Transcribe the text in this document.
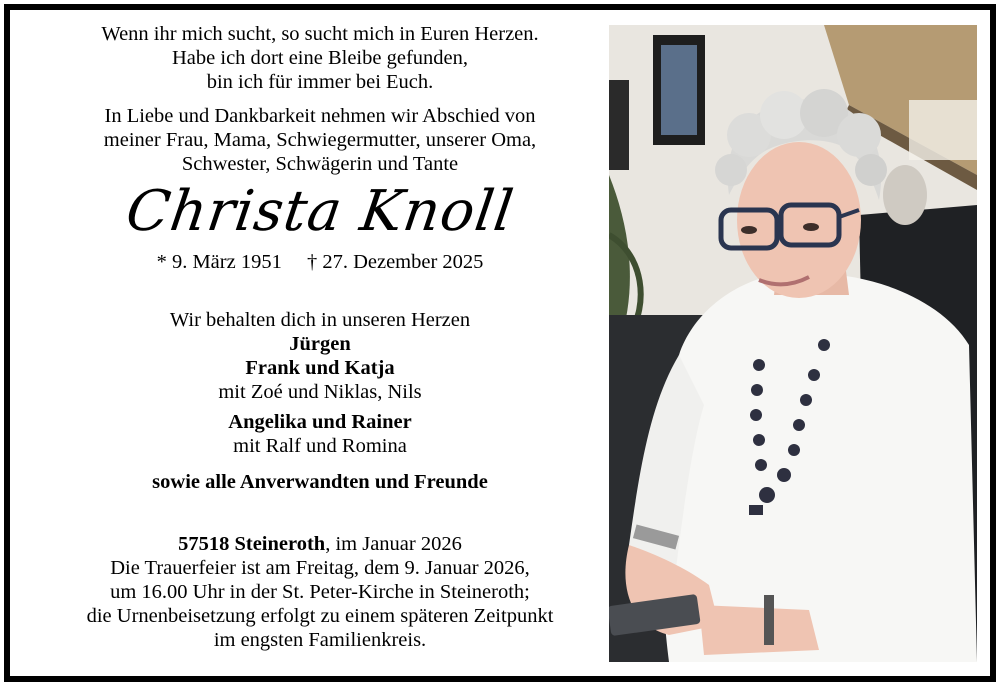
Wenn ihr mich sucht, so sucht mich in Euren Herzen.
Habe ich dort eine Bleibe gefunden,
bin ich für immer bei Euch.
In Liebe und Dankbarkeit nehmen wir Abschied von
meiner Frau, Mama, Schwiegermutter, unserer Oma,
Schwester, Schwägerin und Tante
Christa Knoll
* 9. März 1951 † 27. Dezember 2025
Wir behalten dich in unseren Herzen
Jürgen
Frank und Katja
mit Zoé und Niklas, Nils
Angelika und Rainer
mit Ralf und Romina
sowie alle Anverwandten und Freunde
57518 Steineroth, im Januar 2026
Die Trauerfeier ist am Freitag, dem 9. Januar 2026,
um 16.00 Uhr in der St. Peter-Kirche in Steineroth;
die Urnenbeisetzung erfolgt zu einem späteren Zeitpunkt
im engsten Familienkreis.
